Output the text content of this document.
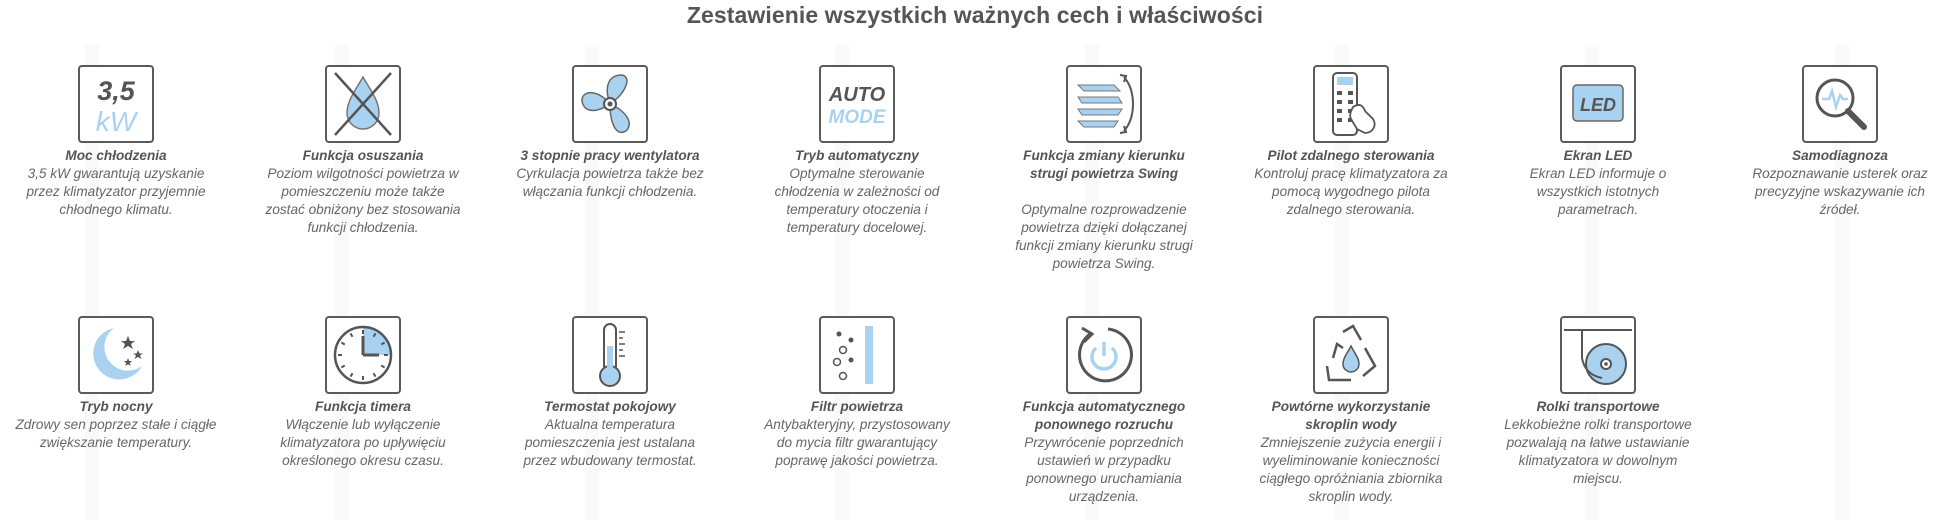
Zestawienie wszystkich ważnych cech i właściwości
3,5
kW
Moc chłodzenia
3,5 kW gwarantują uzyskanie
przez klimatyzator przyjemnie
chłodnego klimatu.
Funkcja osuszania
Poziom wilgotności powietrza w
pomieszczeniu może także
zostać obniżony bez stosowania
funkcji chłodzenia.
3 stopnie pracy wentylatora
Cyrkulacja powietrza także bez
włączania funkcji chłodzenia.
AUTO
MODE
Tryb automatyczny
Optymalne sterowanie
chłodzenia w zależności od
temperatury otoczenia i
temperatury docelowej.
Funkcja zmiany kierunku
strugi powietrza Swing
Optymalne rozprowadzenie
powietrza dzięki dołączanej
funkcji zmiany kierunku strugi
powietrza Swing.
Pilot zdalnego sterowania
Kontroluj pracę klimatyzatora za
pomocą wygodnego pilota
zdalnego sterowania.
LED
Ekran LED
Ekran LED informuje o
wszystkich istotnych
parametrach.
Samodiagnoza
Rozpoznawanie usterek oraz
precyzyjne wskazywanie ich
źródeł.
Tryb nocny
Zdrowy sen poprzez stałe i ciągłe
zwiększanie temperatury.
Funkcja timera
Włączenie lub wyłączenie
klimatyzatora po upływięciu
określonego okresu czasu.
Termostat pokojowy
Aktualna temperatura
pomieszczenia jest ustalana
przez wbudowany termostat.
Filtr powietrza
Antybakteryjny, przystosowany
do mycia filtr gwarantujący
poprawę jakości powietrza.
Funkcja automatycznego
ponownego rozruchu
Przywrócenie poprzednich
ustawień w przypadku
ponownego uruchamiania
urządzenia.
Powtórne wykorzystanie
skroplin wody
Zmniejszenie zużycia energii i
wyeliminowanie konieczności
ciągłego opróżniania zbiornika
skroplin wody.
Rolki transportowe
Lekkobieżne rolki transportowe
pozwalają na łatwe ustawianie
klimatyzatora w dowolnym
miejscu.
